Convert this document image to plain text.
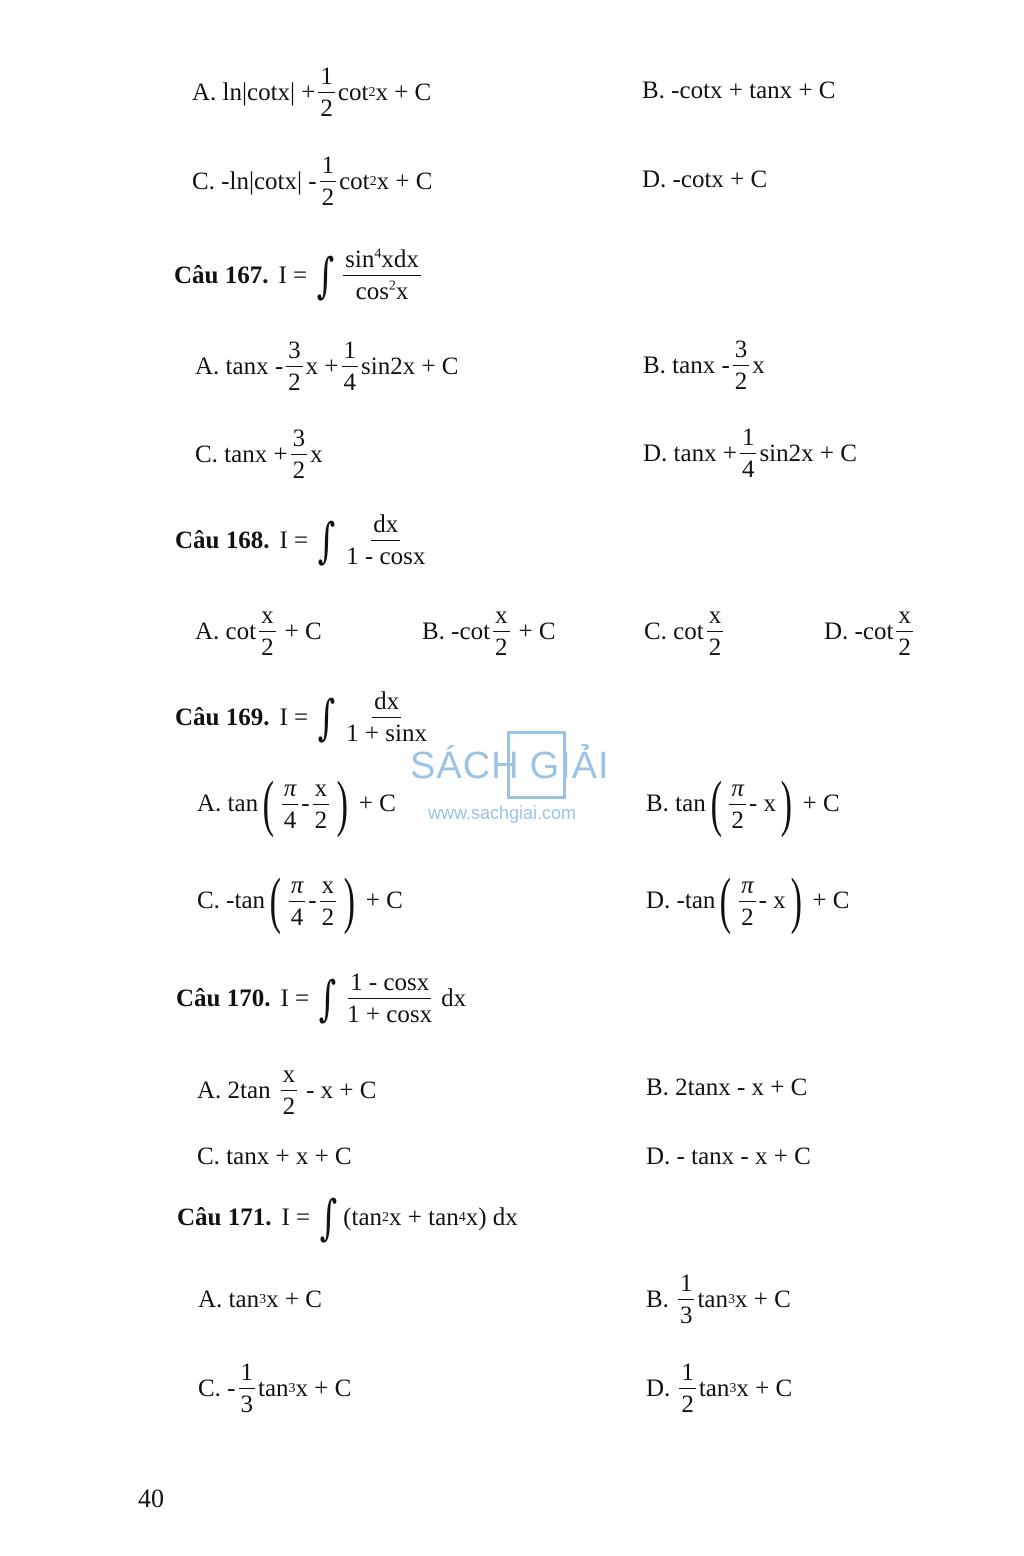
SÁCH GIẢI
www.sachgiai.com
A. $\ln|\cot x| + \frac{1}{2}$ cot 2 x + C	B. -cotx + tanx + C
C. $-\ln|\cot x| - \frac{1}{2}$ cot 2 x + C	D. -cotx + C
Câu 167. I = ∫ $\frac{\sin^4xdx}{\cos^2x}$
A. tanx - $\frac{3}{2}$ $x + \frac{1}{4} \sin 2x + C$	B. tanx - $\frac{3}{2}$ x
C. $\tan x + \frac{3}{2}$ x	D. $\tan x + \frac{1}{4} \sin 2x + C$
Câu 168. I = ∫ $\frac{dx}{1 - \cos x}$
A. $\cot \frac{x}{2} + C$	B. $-\cot \frac{x}{2} + C$	C. $\cot \frac{x}{2}$	D. $-\cot \frac{x}{2}$
Câu 169. I = ∫ $\frac{dx}{1 + \sin x}$
A. tan ( $\frac{\pi}{4} - \frac{x}{2}$ ) + C	B. tan ( $\frac{\pi}{2}$ - x ) + C
C. -tan ( $\frac{\pi}{4} - \frac{x}{2}$ ) + C	D. -tan ( $\frac{\pi}{2}$ - x ) + C
Câu 170. I = ∫ $\frac{1 - \cos x}{1 + \cos x}$ dx
A. $2\tan \frac{x}{2} - x + C$	B. 2tanx - x + C
C. tanx + x + C	D. - tanx - x + C
Câu 171. I = ∫ (tan 2 x + tan 4 x) dx
A. tan 3 x + C	B. $\frac{1}{3}$ tan 3 x + C
C. - $\frac{1}{3}$ tan 3 x + C	D. $\frac{1}{2}$ tan 3 x + C
40
